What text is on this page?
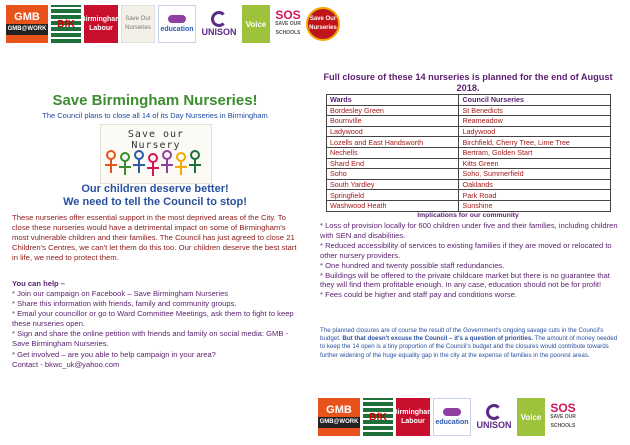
GMB
GMB@WORK BfK Birmingham Labour
Save Our Nurseries	education UNISON
Voice
SOS
SAVE OUR SCHOOLS
Save Our Nurseries
Save Birmingham Nurseries!

The Council plans to close all 14 of its Day Nurseries in Birmingham

Save our Nursery

Our children deserve better!

We need to tell the Council to stop!

These nurseries offer essential support in the most deprived areas of the City. To close these nurseries would have a detrimental impact on some of Birmingham's most vulnerable children and their families. The Council has just agreed to close 21 Children's Centres, we can't let them do this too. Our children deserve the best start in life, we need to protect them.

You can help –

* Join our campaign on Facebook – Save Birmingham Nurseries
* Share this information with friends, family and community groups.
* Email your councillor or go to Ward Committee Meetings, ask them to fight to keep these nurseries open.
* Sign and share the online petition with friends and family on social media: GMB - Save Birmingham Nurseries.
* Get involved – are you able to help campaign in your area?
Contact - bkwc_uk@yahoo.com

Full closure of these 14 nurseries is planned for the end of August 2018.

Wards	Council Nurseries
Bordesley Green	St Benedicts
Bournville	Reameadow
Ladywood	Ladywood
Lozells and East Handsworth	Birchfield, Cherry Tree, Lime Tree
Nechells	Bertram, Golden Start
Shard End	Kitts Green
Soho	Soho, Summerfield
South Yardley	Oaklands
Springfield	Park Road
Washwood Heath	Sunshine

Implications for our community

* Loss of provision locally for 600 children under five and their families, including children with SEN and disabilities.
* Reduced accessibility of services to existing families if they are moved or relocated to other nursery providers.
* One hundred and twenty possible staff redundancies.
* Buildings will be offered to the private childcare market but there is no guarantee that they will find them profitable enough. In any case, education should not be for profit!
* Fees could be higher and staff pay and conditions worse.

The planned closures are of course the result of the Government's ongoing savage cuts in the Council's budget. But that doesn't excuse the Council – it's a question of priorities. The amount of money needed to keep the 14 open is a tiny proportion of the Council's budget and the closures would contribute towards further widening of the huge equality gap in the city at the expense of families in the poorest areas.

GMB
GMB@WORK BfK Birmingham Labour	education UNISON
Voice
SOS
SAVE OUR SCHOOLS
